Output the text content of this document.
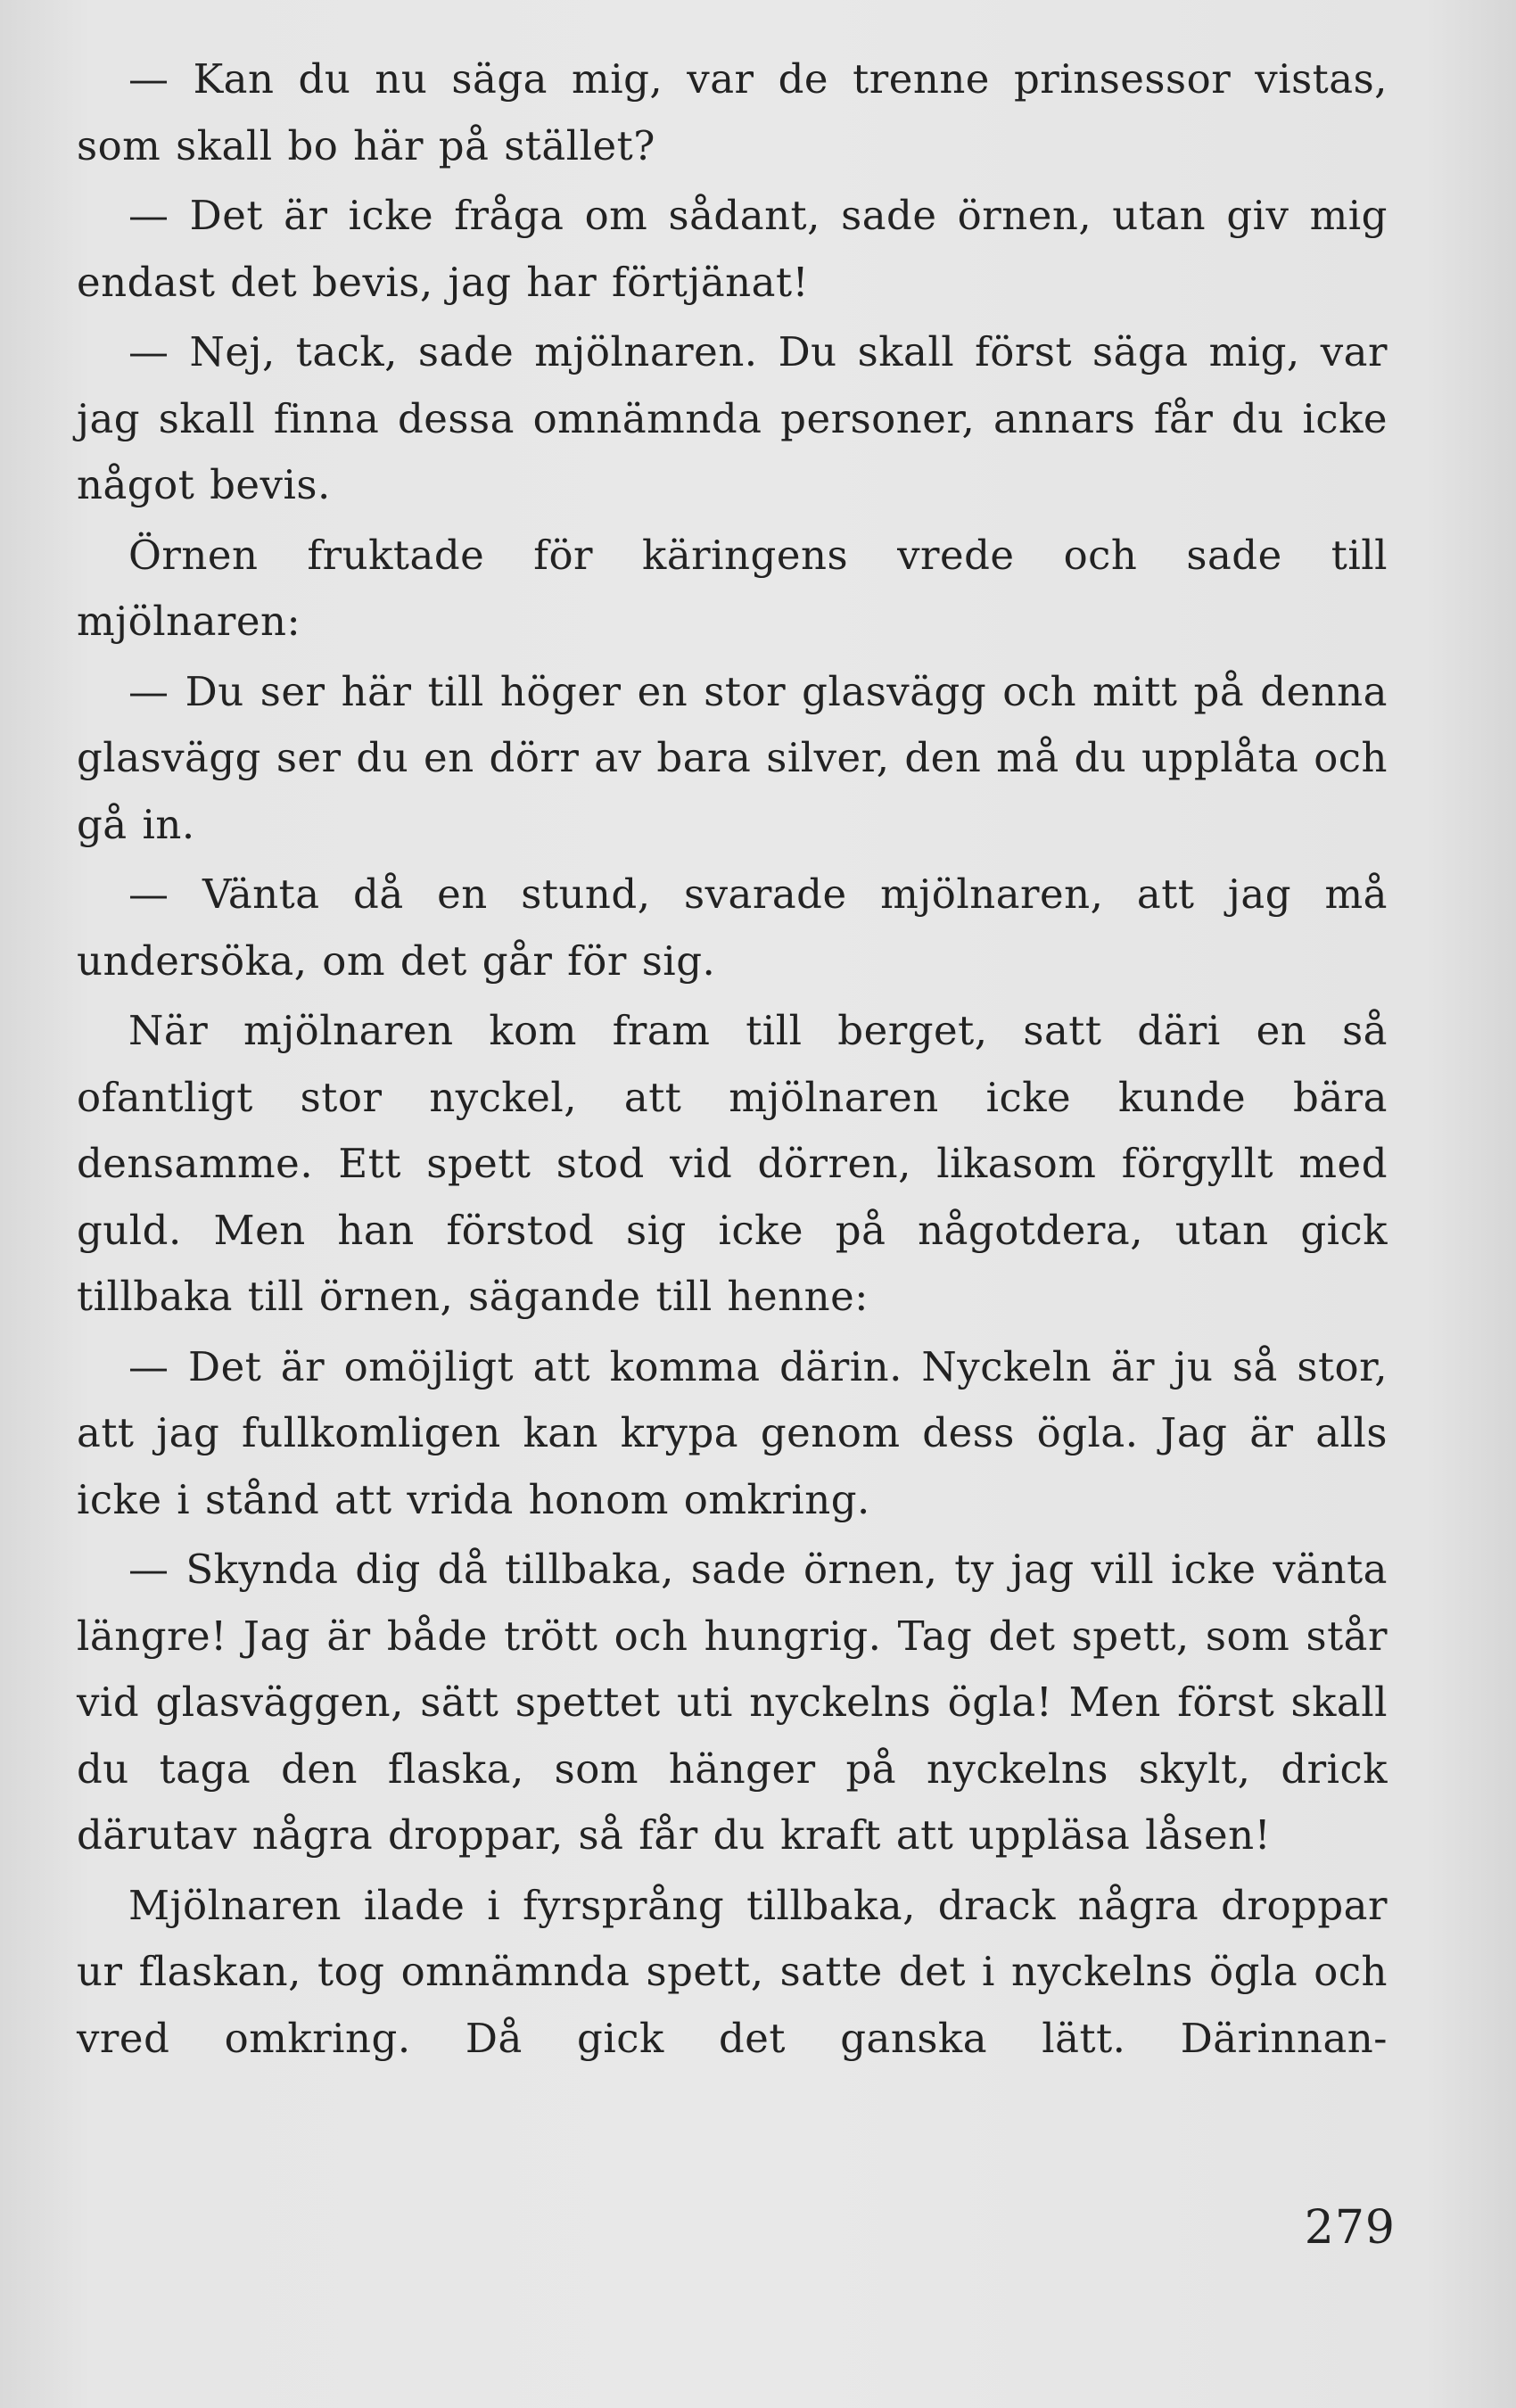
— Kan du nu säga mig, var de trenne prinsessor vistas, som skall bo här på stället?

— Det är icke fråga om sådant, sade örnen, utan giv mig endast det bevis, jag har förtjänat!

— Nej, tack, sade mjölnaren. Du skall först säga mig, var jag skall finna dessa omnämnda personer, annars får du icke något bevis.

Örnen fruktade för käringens vrede och sade till mjölnaren:

— Du ser här till höger en stor glasvägg och mitt på denna glasvägg ser du en dörr av bara silver, den må du upplåta och gå in.

— Vänta då en stund, svarade mjölnaren, att jag må undersöka, om det går för sig.

När mjölnaren kom fram till berget, satt däri en så ofantligt stor nyckel, att mjölnaren icke kunde bära densamme. Ett spett stod vid dörren, likasom förgyllt med guld. Men han förstod sig icke på någotdera, utan gick tillbaka till örnen, sägande till henne:

— Det är omöjligt att komma därin. Nyckeln är ju så stor, att jag fullkomligen kan krypa genom dess ögla. Jag är alls icke i stånd att vrida honom omkring.

— Skynda dig då tillbaka, sade örnen, ty jag vill icke vänta längre! Jag är både trött och hungrig. Tag det spett, som står vid glasväggen, sätt spettet uti nyckelns ögla! Men först skall du taga den flaska, som hänger på nyckelns skylt, drick därutav några droppar, så får du kraft att uppläsa låsen!

Mjölnaren ilade i fyrsprång tillbaka, drack några droppar ur flaskan, tog omnämnda spett, satte det i nyckelns ögla och vred omkring. Då gick det ganska lätt. Därinnan-

279
